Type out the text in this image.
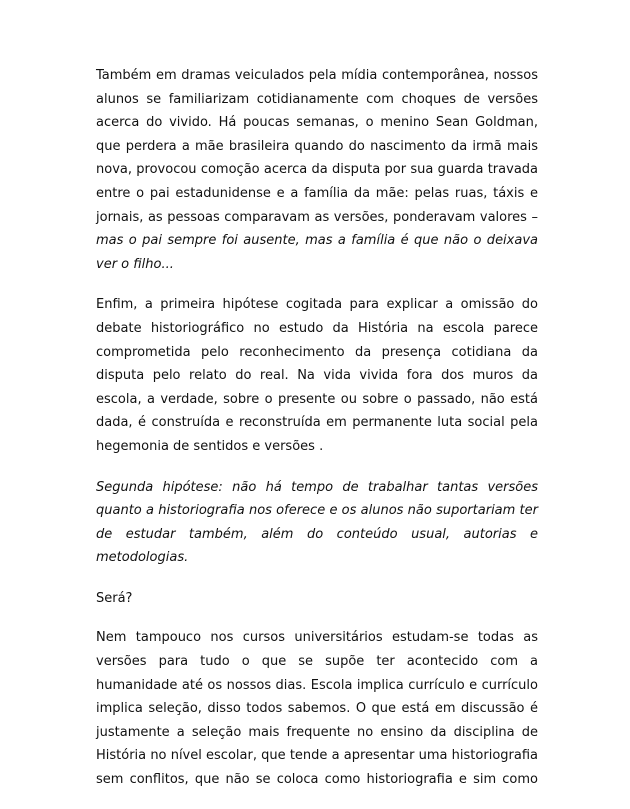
Também em dramas veiculados pela mídia contemporânea, nossos alunos se familiarizam cotidianamente com choques de versões acerca do vivido. Há poucas semanas, o menino Sean Goldman, que perdera a mãe brasileira quando do nascimento da irmã mais nova, provocou comoção acerca da disputa por sua guarda travada entre o pai estadunidense e a família da mãe: pelas ruas, táxis e jornais, as pessoas comparavam as versões, ponderavam valores – mas o pai sempre foi ausente, mas a família é que não o deixava ver o filho...

Enfim, a primeira hipótese cogitada para explicar a omissão do debate historiográfico no estudo da História na escola parece comprometida pelo reconhecimento da presença cotidiana da disputa pelo relato do real. Na vida vivida fora dos muros da escola, a verdade, sobre o presente ou sobre o passado, não está dada, é construída e reconstruída em permanente luta social pela hegemonia de sentidos e versões .

Segunda hipótese: não há tempo de trabalhar tantas versões quanto a historiografia nos oferece e os alunos não suportariam ter de estudar também, além do conteúdo usual, autorias e metodologias.

Será?

Nem tampouco nos cursos universitários estudam-se todas as versões para tudo o que se supõe ter acontecido com a humanidade até os nossos dias. Escola implica currículo e currículo implica seleção, disso todos sabemos. O que está em discussão é justamente a seleção mais frequente no ensino da disciplina de História no nível escolar, que tende a apresentar uma historiografia sem conflitos, que não se coloca como historiografia e sim como
